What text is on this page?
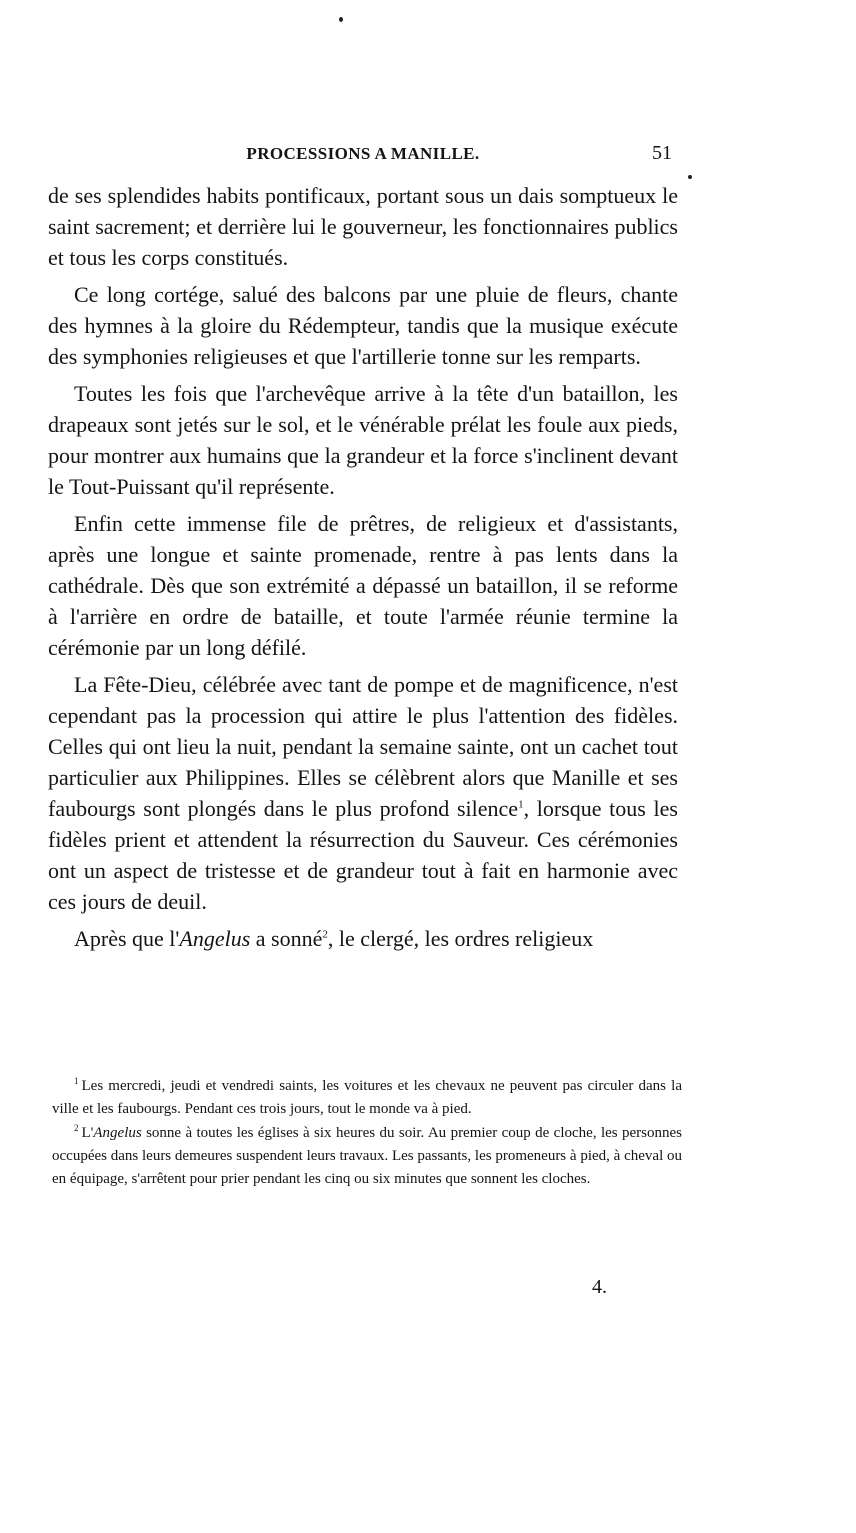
PROCESSIONS A MANILLE.	51

de ses splendides habits pontificaux, portant sous un dais somptueux le saint sacrement; et derrière lui le gouverneur, les fonctionnaires publics et tous les corps constitués.

Ce long cortége, salué des balcons par une pluie de fleurs, chante des hymnes à la gloire du Rédempteur, tandis que la musique exécute des symphonies religieuses et que l'artillerie tonne sur les remparts.

Toutes les fois que l'archevêque arrive à la tête d'un bataillon, les drapeaux sont jetés sur le sol, et le vénérable prélat les foule aux pieds, pour montrer aux humains que la grandeur et la force s'inclinent devant le Tout-Puissant qu'il représente.

Enfin cette immense file de prêtres, de religieux et d'assistants, après une longue et sainte promenade, rentre à pas lents dans la cathédrale. Dès que son extrémité a dépassé un bataillon, il se reforme à l'arrière en ordre de bataille, et toute l'armée réunie termine la cérémonie par un long défilé.

La Fête-Dieu, célébrée avec tant de pompe et de magnificence, n'est cependant pas la procession qui attire le plus l'attention des fidèles. Celles qui ont lieu la nuit, pendant la semaine sainte, ont un cachet tout particulier aux Philippines. Elles se célèbrent alors que Manille et ses faubourgs sont plongés dans le plus profond silence$^1$, lorsque tous les fidèles prient et attendent la résurrection du Sauveur. Ces cérémonies ont un aspect de tristesse et de grandeur tout à fait en harmonie avec ces jours de deuil.

Après que l'Angelus a sonné$^2$, le clergé, les ordres religieux

$^1$ Les mercredi, jeudi et vendredi saints, les voitures et les chevaux ne peuvent pas circuler dans la ville et les faubourgs. Pendant ces trois jours, tout le monde va à pied.

$^2$ L'Angelus sonne à toutes les églises à six heures du soir. Au premier coup de cloche, les personnes occupées dans leurs demeures suspendent leurs travaux. Les passants, les promeneurs à pied, à cheval ou en équipage, s'arrêtent pour prier pendant les cinq ou six minutes que sonnent les cloches.

4.
